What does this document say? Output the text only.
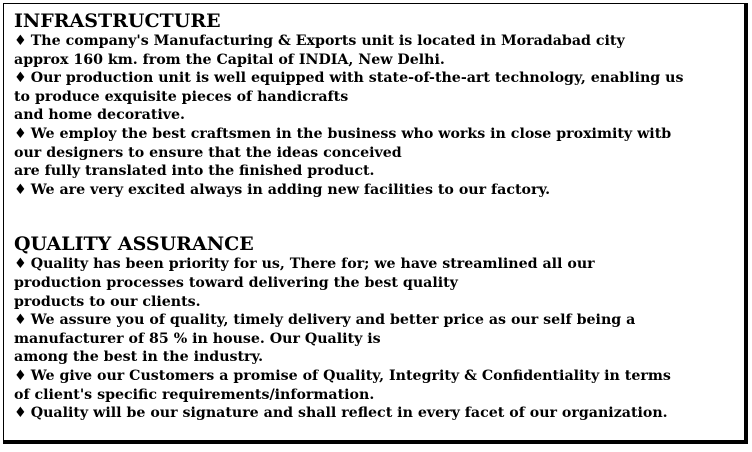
INFRASTRUCTURE

♦ The company's Manufacturing & Exports unit is located in Moradabad city

approx 160 km. from the Capital of INDIA, New Delhi.

♦ Our production unit is well equipped with state-of-the-art technology, enabling us

to produce exquisite pieces of handicrafts

and home decorative.

♦ We employ the best craftsmen in the business who works in close proximity witb

our designers to ensure that the ideas conceived

are fully translated into the finished product.

♦ We are very excited always in adding new facilities to our factory.

QUALITY ASSURANCE

♦ Quality has been priority for us, There for; we have streamlined all our

production processes toward delivering the best quality

products to our clients.

♦ We assure you of quality, timely delivery and better price as our self being a

manufacturer of 85 % in house. Our Quality is

among the best in the industry.

♦ We give our Customers a promise of Quality, Integrity & Confidentiality in terms

of client's specific requirements/information.

♦ Quality will be our signature and shall reflect in every facet of our organization.
